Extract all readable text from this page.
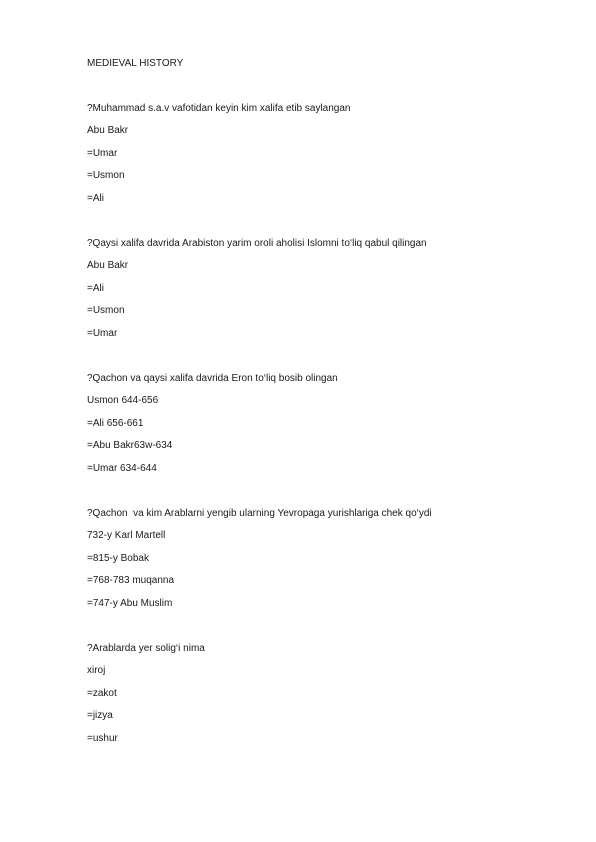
MEDIEVAL HISTORY
?Muhammad s.a.v vafotidan keyin kim xalifa etib saylangan
Abu Bakr
=Umar
=Usmon
=Ali
?Qaysi xalifa davrida Arabiston yarim oroli aholisi Islomni to‘liq qabul qilingan
Abu Bakr
=Ali
=Usmon
=Umar
?Qachon va qaysi xalifa davrida Eron to‘liq bosib olingan
Usmon 644-656
=Ali 656-661
=Abu Bakr63w-634
=Umar 634-644
?Qachon  va kim Arablarni yengib ularning Yevropaga yurishlariga chek qo‘ydi
732-y Karl Martell
=815-y Bobak
=768-783 muqanna
=747-y Abu Muslim
?Arablarda yer solig‘i nima
xiroj
=zakot
=jizya
=ushur
